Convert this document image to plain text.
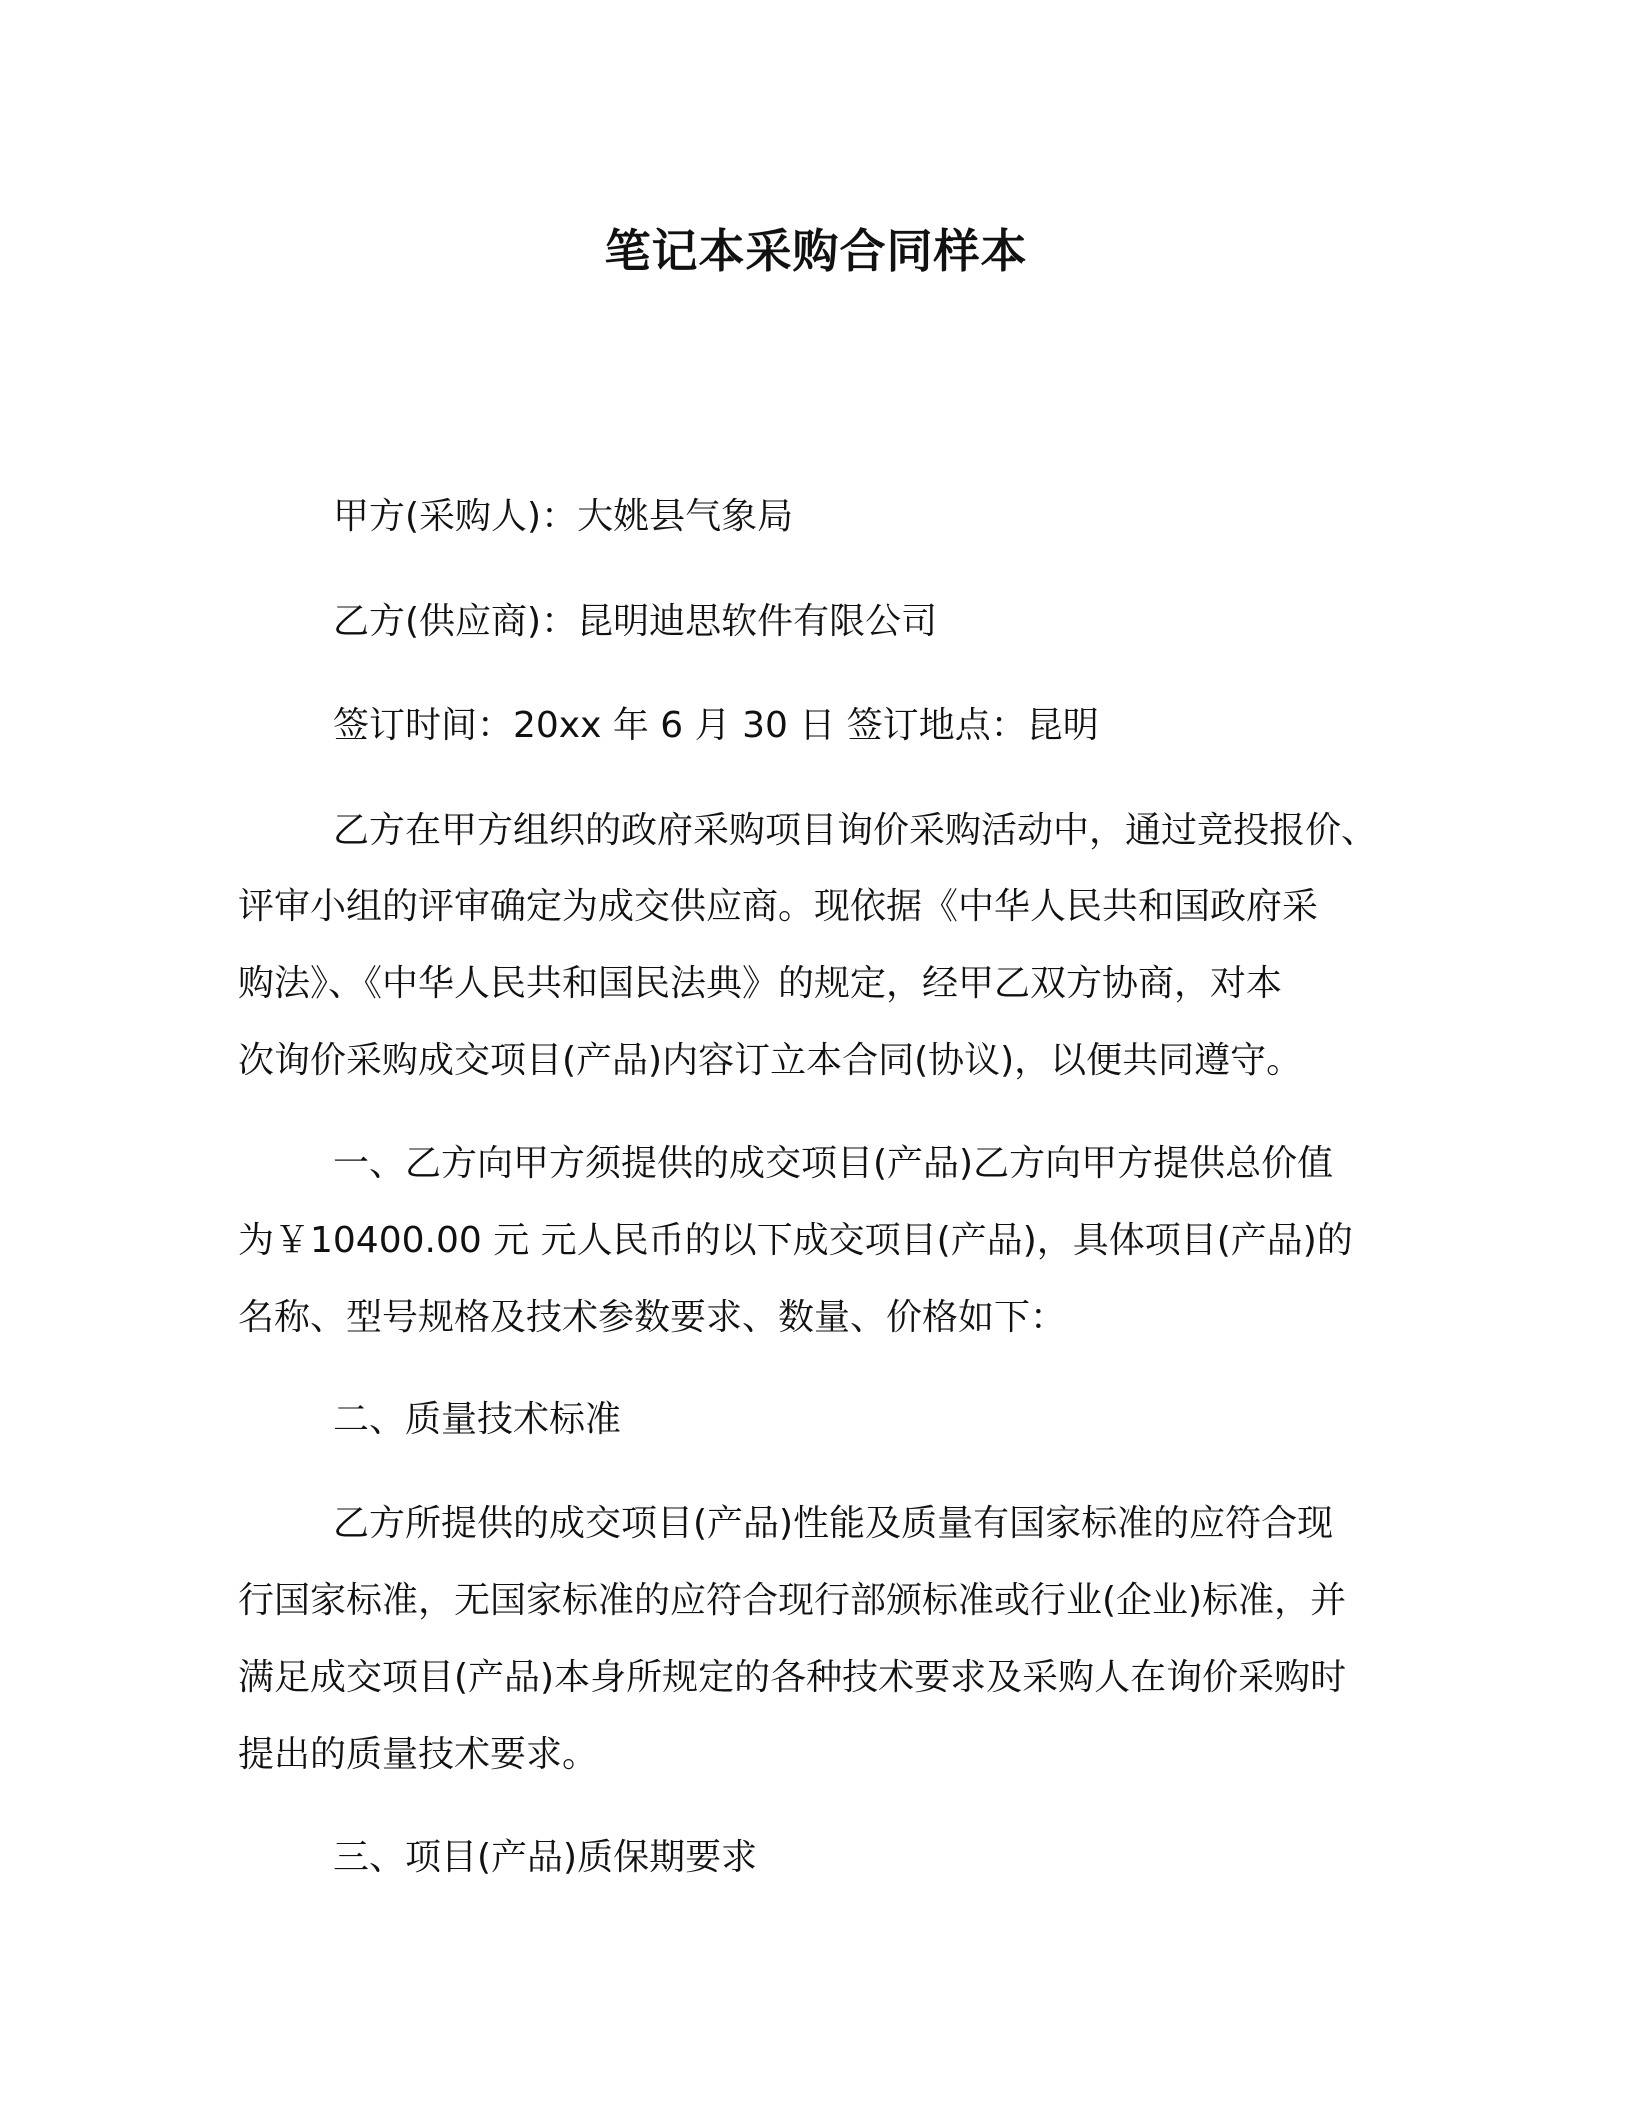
笔记本采购合同样本

甲方(采购人)：大姚县气象局

乙方(供应商)：昆明迪思软件有限公司

签订时间：20xx 年 6 月 30 日 签订地点：昆明

乙方在甲方组织的政府采购项目询价采购活动中，通过竞投报价、

评审小组的评审确定为成交供应商。现依据《中华人民共和国政府采

购法》、《中华人民共和国民法典》的规定，经甲乙双方协商，对本

次询价采购成交项目(产品)内容订立本合同(协议)，以便共同遵守。

一、乙方向甲方须提供的成交项目(产品)乙方向甲方提供总价值

为￥10400.00 元 元人民币的以下成交项目(产品)，具体项目(产品)的

名称、型号规格及技术参数要求、数量、价格如下：

二、质量技术标准

乙方所提供的成交项目(产品)性能及质量有国家标准的应符合现

行国家标准，无国家标准的应符合现行部颁标准或行业(企业)标准，并

满足成交项目(产品)本身所规定的各种技术要求及采购人在询价采购时

提出的质量技术要求。

三、项目(产品)质保期要求
